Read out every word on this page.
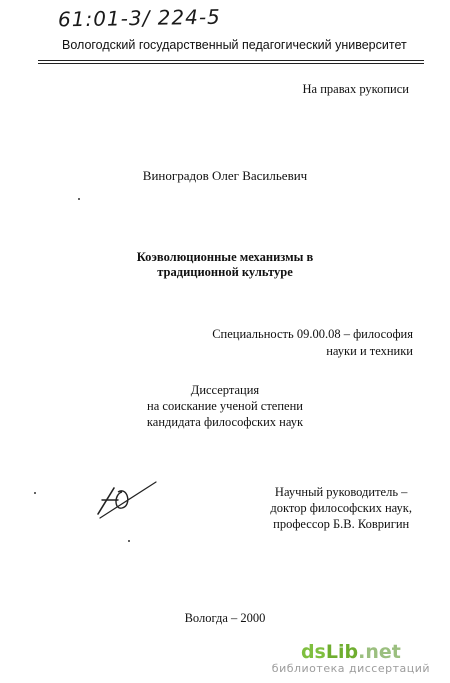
61:01-3/ 224-5
Вологодский государственный педагогический университет
На правах рукописи
Виноградов Олег Васильевич
Коэволюционные механизмы в
традиционной культуре
Специальность 09.00.08 – философия
науки и техники
Диссертация
на соискание ученой степени
кандидата философских наук
Научный руководитель –
доктор философских наук,
профессор Б.В. Ковригин
Вологда – 2000
dsLib.net
библиотека диссертаций
